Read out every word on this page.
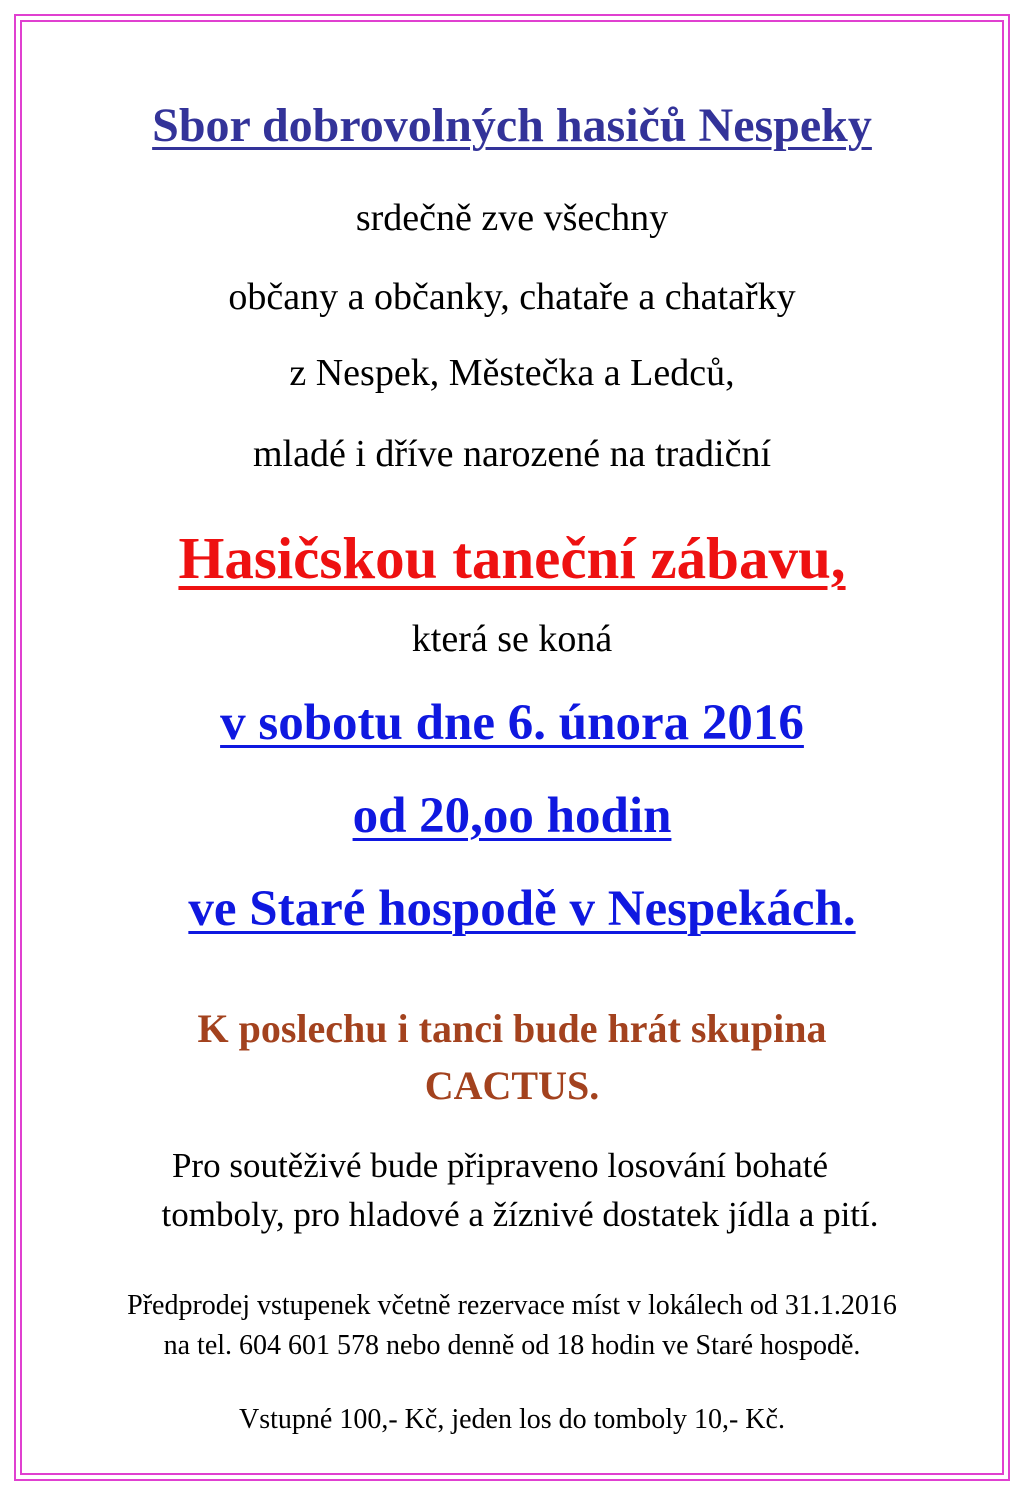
Sbor dobrovolných hasičů Nespeky

srdečně zve všechny

občany a občanky, chataře a chatařky

z Nespek, Městečka a Ledců,

mladé i dříve narozené na tradiční

Hasičskou taneční zábavu,

která se koná

v sobotu dne 6. února 2016

od 20,oo hodin

ve Staré hospodě v Nespekách.

K poslechu i tanci bude hrát skupina

CACTUS.

Pro soutěživé bude připraveno losování bohaté

tomboly, pro hladové a žíznivé dostatek jídla a pití.

Předprodej vstupenek včetně rezervace míst v lokálech od 31.1.2016

na tel. 604 601 578 nebo denně od 18 hodin ve Staré hospodě.

Vstupné 100,- Kč, jeden los do tomboly 10,- Kč.
